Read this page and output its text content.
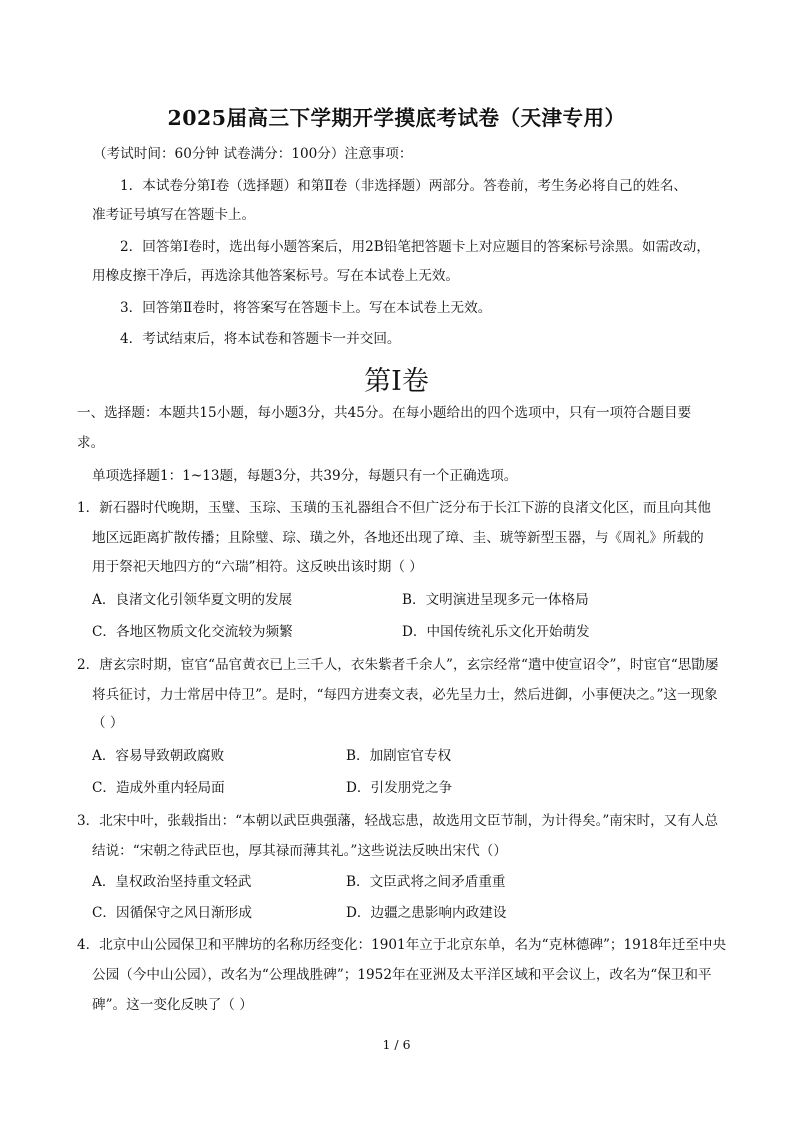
2025届高三下学期开学摸底考试卷（天津专用）
（考试时间：60分钟 试卷满分：100分）注意事项：
1．本试卷分第Ⅰ卷（选择题）和第Ⅱ卷（非选择题）两部分。答卷前，考生务必将自己的姓名、
准考证号填写在答题卡上。
2．回答第Ⅰ卷时，选出每小题答案后，用2B铅笔把答题卡上对应题目的答案标号涂黑。如需改动，
用橡皮擦干净后，再选涂其他答案标号。写在本试卷上无效。
3．回答第Ⅱ卷时，将答案写在答题卡上。写在本试卷上无效。
4．考试结束后，将本试卷和答题卡一并交回。
第Ⅰ卷
一、选择题：本题共15小题，每小题3分，共45分。在每小题给出的四个选项中，只有一项符合题目要
求。
单项选择题1：1~13题，每题3分，共39分，每题只有一个正确选项。
1．新石器时代晚期，玉璧、玉琮、玉璜的玉礼器组合不但广泛分布于长江下游的良渚文化区，而且向其他
地区远距离扩散传播；且除璧、琮、璜之外，各地还出现了璋、圭、琥等新型玉器，与《周礼》所载的
用于祭祀天地四方的“六瑞”相符。这反映出该时期（ ）
A．良渚文化引领华夏文明的发展	B．文明演进呈现多元一体格局
C．各地区物质文化交流较为频繁	D．中国传统礼乐文化开始萌发
2．唐玄宗时期，宦官“品官黄衣已上三千人，衣朱紫者千余人”，玄宗经常“遣中使宣诏令”，时宦官“思勖屡
将兵征讨，力士常居中侍卫”。是时，“每四方进奏文表，必先呈力士，然后进御，小事便决之。”这一现象
（ ）
A．容易导致朝政腐败	B．加剧宦官专权
C．造成外重内轻局面	D．引发朋党之争
3．北宋中叶，张载指出：“本朝以武臣典强藩，轻战忘患，故选用文臣节制，为计得矣。”南宋时，又有人总
结说：“宋朝之待武臣也，厚其禄而薄其礼。”这些说法反映出宋代（）
A．皇权政治坚持重文轻武	B．文臣武将之间矛盾重重
C．因循保守之风日渐形成	D．边疆之患影响内政建设
4．北京中山公园保卫和平牌坊的名称历经变化：1901年立于北京东单，名为“克林德碑”；1918年迁至中央
公园（今中山公园），改名为“公理战胜碑”；1952年在亚洲及太平洋区域和平会议上，改名为“保卫和平
碑”。这一变化反映了（ ）
1 / 6
